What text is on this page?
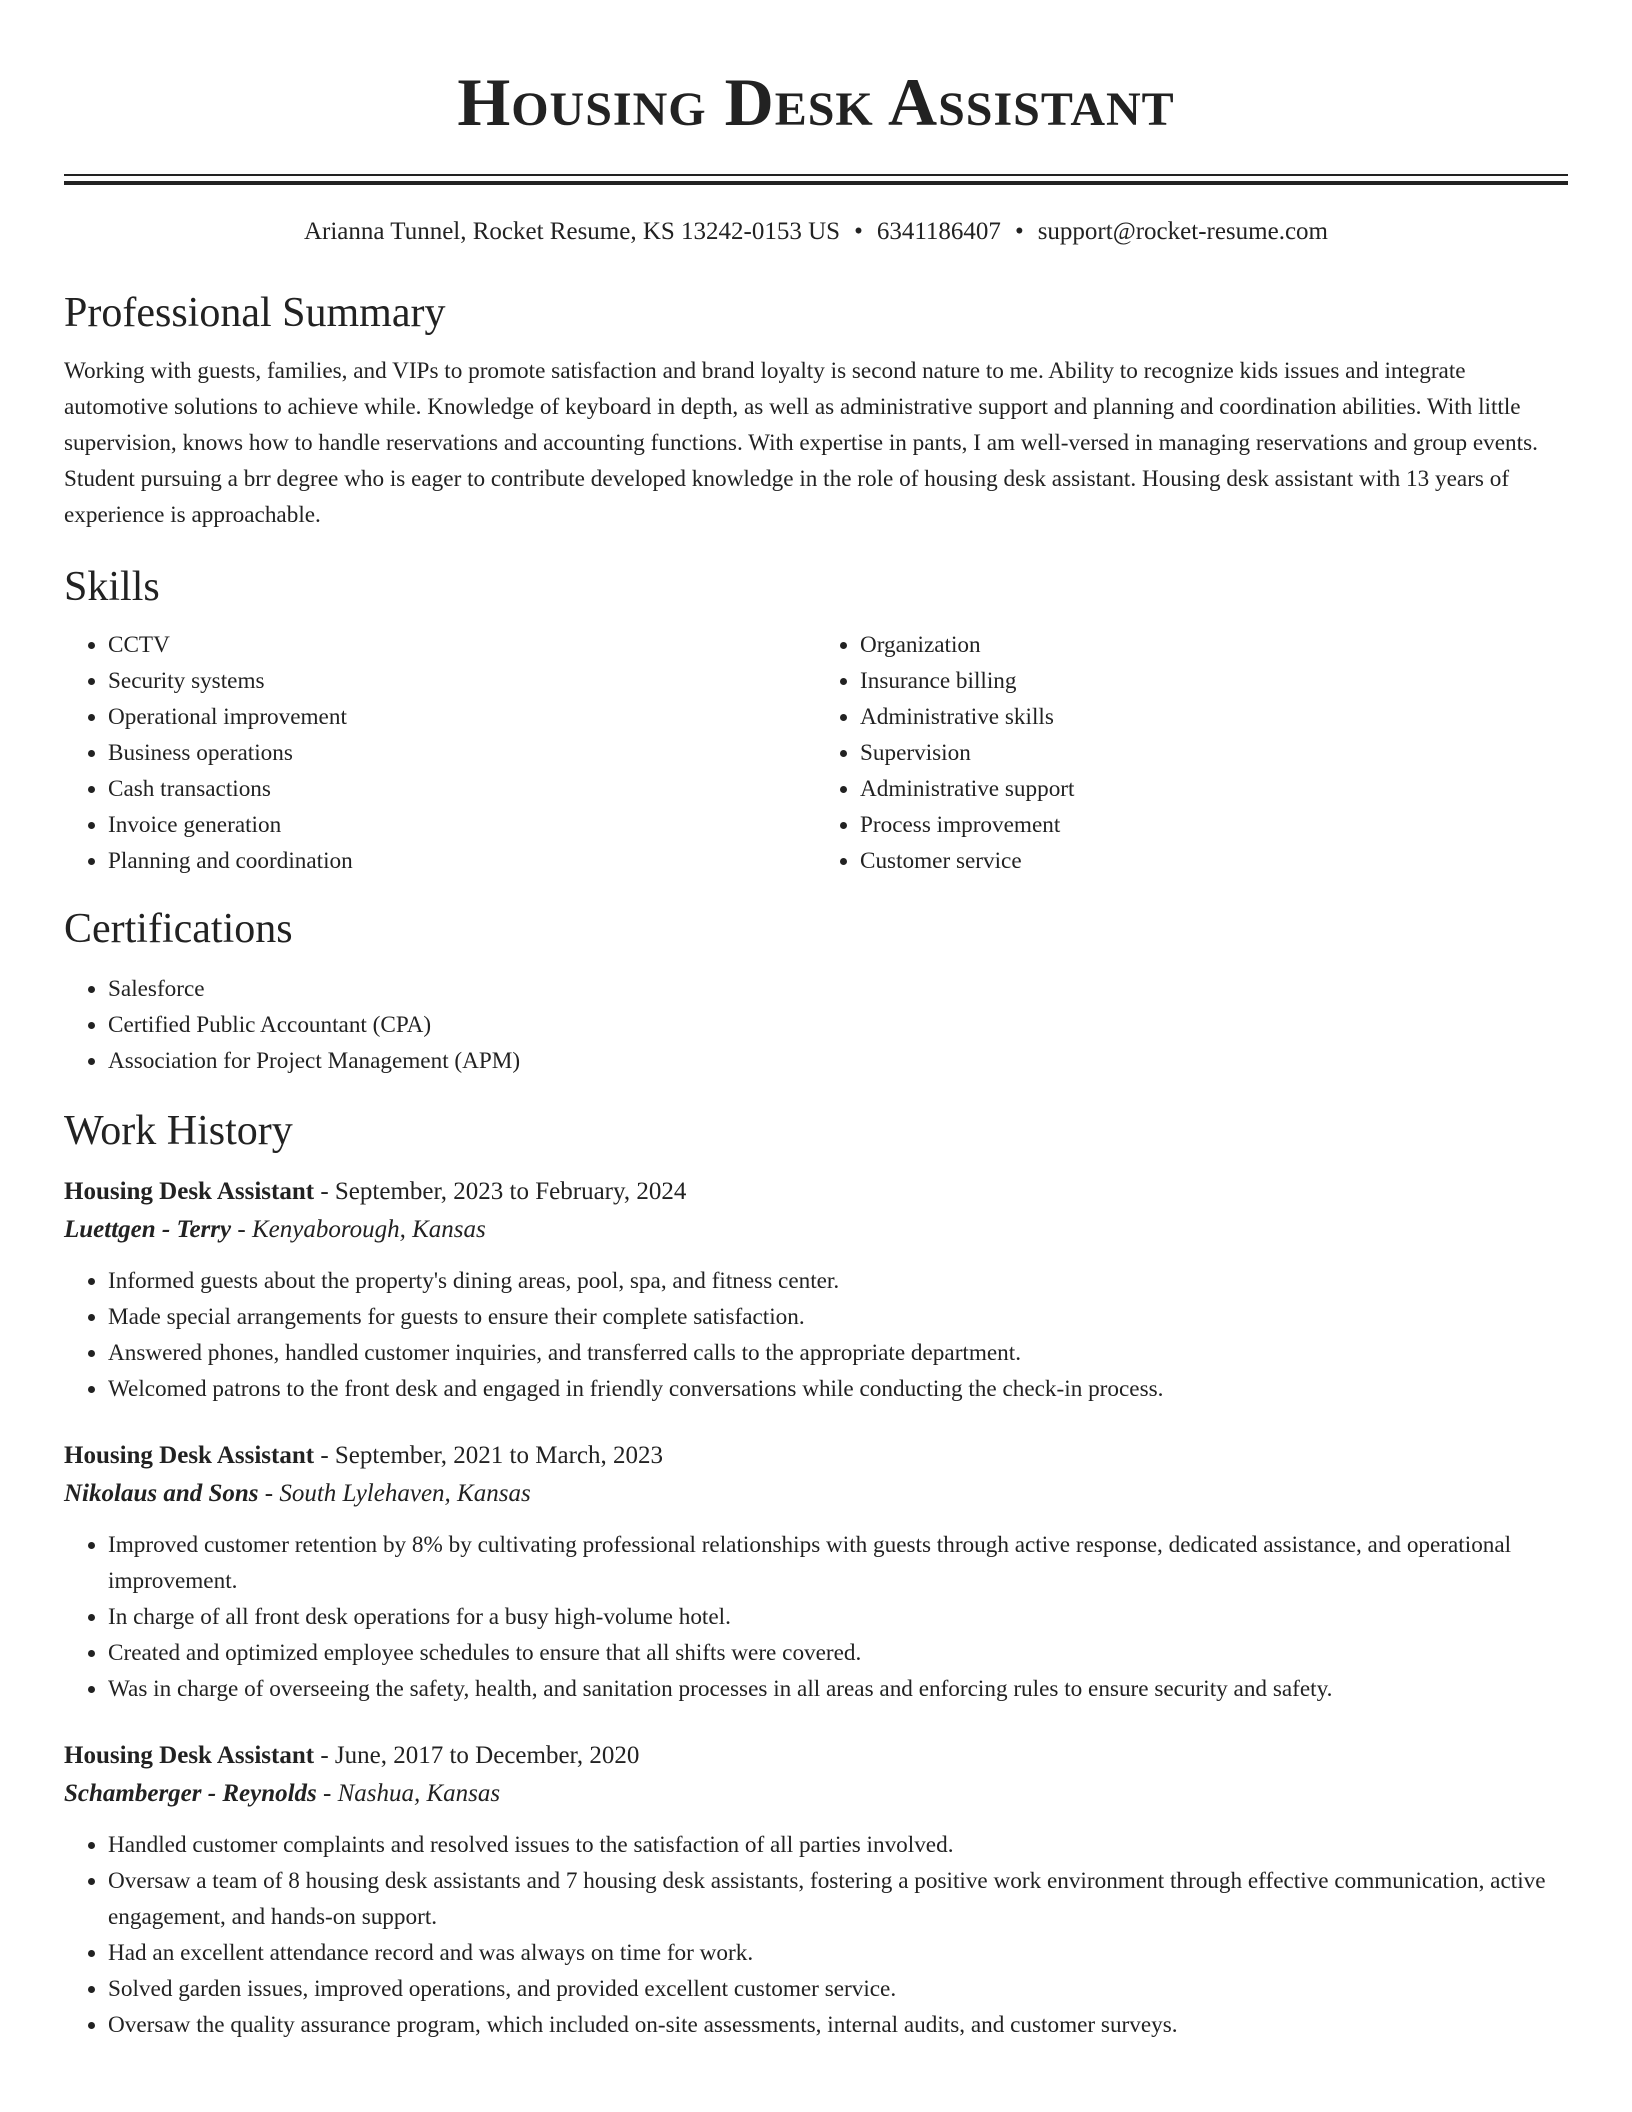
Housing Desk Assistant
Arianna Tunnel, Rocket Resume, KS 13242-0153 US • 6341186407 • support@rocket-resume.com
Professional Summary

Working with guests, families, and VIPs to promote satisfaction and brand loyalty is second nature to me. Ability to recognize kids issues and integrate automotive solutions to achieve while. Knowledge of keyboard in depth, as well as administrative support and planning and coordination abilities. With little supervision, knows how to handle reservations and accounting functions. With expertise in pants, I am well-versed in managing reservations and group events. Student pursuing a brr degree who is eager to contribute developed knowledge in the role of housing desk assistant. Housing desk assistant with 13 years of experience is approachable.

Skills
• CCTV
• Security systems
• Operational improvement
• Business operations
• Cash transactions
• Invoice generation
• Planning and coordination
• Organization
• Insurance billing
• Administrative skills
• Supervision
• Administrative support
• Process improvement
• Customer service
Certifications
• Salesforce
• Certified Public Accountant (CPA)
• Association for Project Management (APM)
Work History
Housing Desk Assistant - September, 2023 to February, 2024
Luettgen - Terry - Kenyaborough, Kansas
• Informed guests about the property's dining areas, pool, spa, and fitness center.
• Made special arrangements for guests to ensure their complete satisfaction.
• Answered phones, handled customer inquiries, and transferred calls to the appropriate department.
• Welcomed patrons to the front desk and engaged in friendly conversations while conducting the check-in process.
Housing Desk Assistant - September, 2021 to March, 2023
Nikolaus and Sons - South Lylehaven, Kansas
• Improved customer retention by 8% by cultivating professional relationships with guests through active response, dedicated assistance, and operational improvement.
• In charge of all front desk operations for a busy high-volume hotel.
• Created and optimized employee schedules to ensure that all shifts were covered.
• Was in charge of overseeing the safety, health, and sanitation processes in all areas and enforcing rules to ensure security and safety.
Housing Desk Assistant - June, 2017 to December, 2020
Schamberger - Reynolds - Nashua, Kansas
• Handled customer complaints and resolved issues to the satisfaction of all parties involved.
• Oversaw a team of 8 housing desk assistants and 7 housing desk assistants, fostering a positive work environment through effective communication, active engagement, and hands-on support.
• Had an excellent attendance record and was always on time for work.
• Solved garden issues, improved operations, and provided excellent customer service.
• Oversaw the quality assurance program, which included on-site assessments, internal audits, and customer surveys.
